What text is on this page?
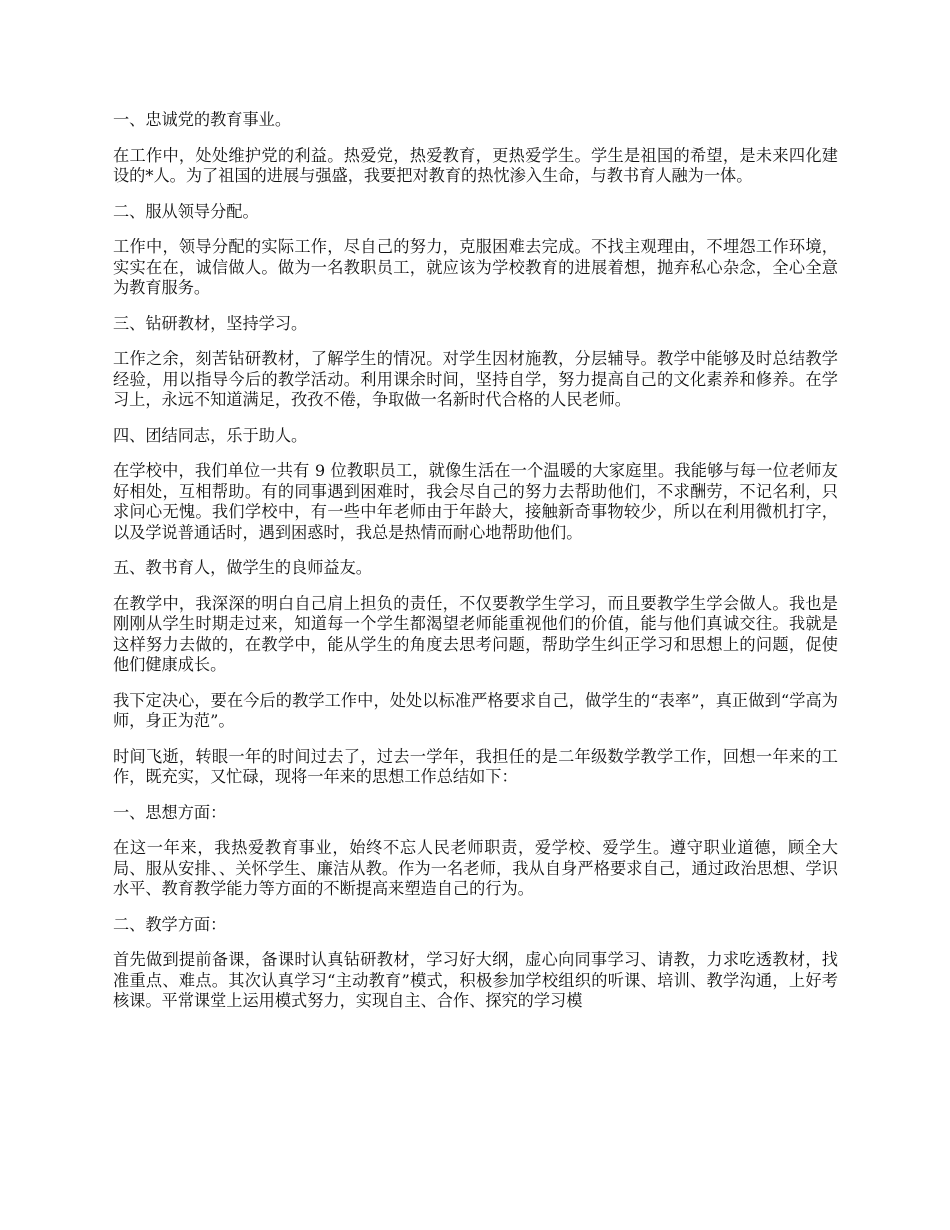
一、忠诚党的教育事业。

在工作中，处处维护党的利益。热爱党，热爱教育，更热爱学生。学生是祖国的希望，是未来四化建设的*人。为了祖国的进展与强盛，我要把对教育的热忱渗入生命，与教书育人融为一体。

二、服从领导分配。

工作中，领导分配的实际工作，尽自己的努力，克服困难去完成。不找主观理由，不埋怨工作环境，实实在在，诚信做人。做为一名教职员工，就应该为学校教育的进展着想，抛弃私心杂念，全心全意为教育服务。

三、钻研教材，坚持学习。

工作之余，刻苦钻研教材，了解学生的情况。对学生因材施教，分层辅导。教学中能够及时总结教学经验，用以指导今后的教学活动。利用课余时间，坚持自学，努力提高自己的文化素养和修养。在学习上，永远不知道满足，孜孜不倦，争取做一名新时代合格的人民老师。

四、团结同志，乐于助人。

在学校中，我们单位一共有 9 位教职员工，就像生活在一个温暖的大家庭里。我能够与每一位老师友好相处，互相帮助。有的同事遇到困难时，我会尽自己的努力去帮助他们，不求酬劳，不记名利，只求问心无愧。我们学校中，有一些中年老师由于年龄大，接触新奇事物较少，所以在利用微机打字，以及学说普通话时，遇到困惑时，我总是热情而耐心地帮助他们。

五、教书育人，做学生的良师益友。

在教学中，我深深的明白自己肩上担负的责任，不仅要教学生学习，而且要教学生学会做人。我也是刚刚从学生时期走过来，知道每一个学生都渴望老师能重视他们的价值，能与他们真诚交往。我就是这样努力去做的，在教学中，能从学生的角度去思考问题，帮助学生纠正学习和思想上的问题，促使他们健康成长。

我下定决心，要在今后的教学工作中，处处以标准严格要求自己，做学生的“表率”，真正做到“学高为师，身正为范”。

时间飞逝，转眼一年的时间过去了，过去一学年，我担任的是二年级数学教学工作，回想一年来的工作，既充实，又忙碌，现将一年来的思想工作总结如下：

一、思想方面：

在这一年来，我热爱教育事业，始终不忘人民老师职责，爱学校、爱学生。遵守职业道德，顾全大局、服从安排、、关怀学生、廉洁从教。作为一名老师，我从自身严格要求自己，通过政治思想、学识水平、教育教学能力等方面的不断提高来塑造自己的行为。

二、教学方面：

首先做到提前备课，备课时认真钻研教材，学习好大纲，虚心向同事学习、请教，力求吃透教材，找准重点、难点。其次认真学习“主动教育”模式，积极参加学校组织的听课、培训、教学沟通，上好考核课。平常课堂上运用模式努力，实现自主、合作、探究的学习模
